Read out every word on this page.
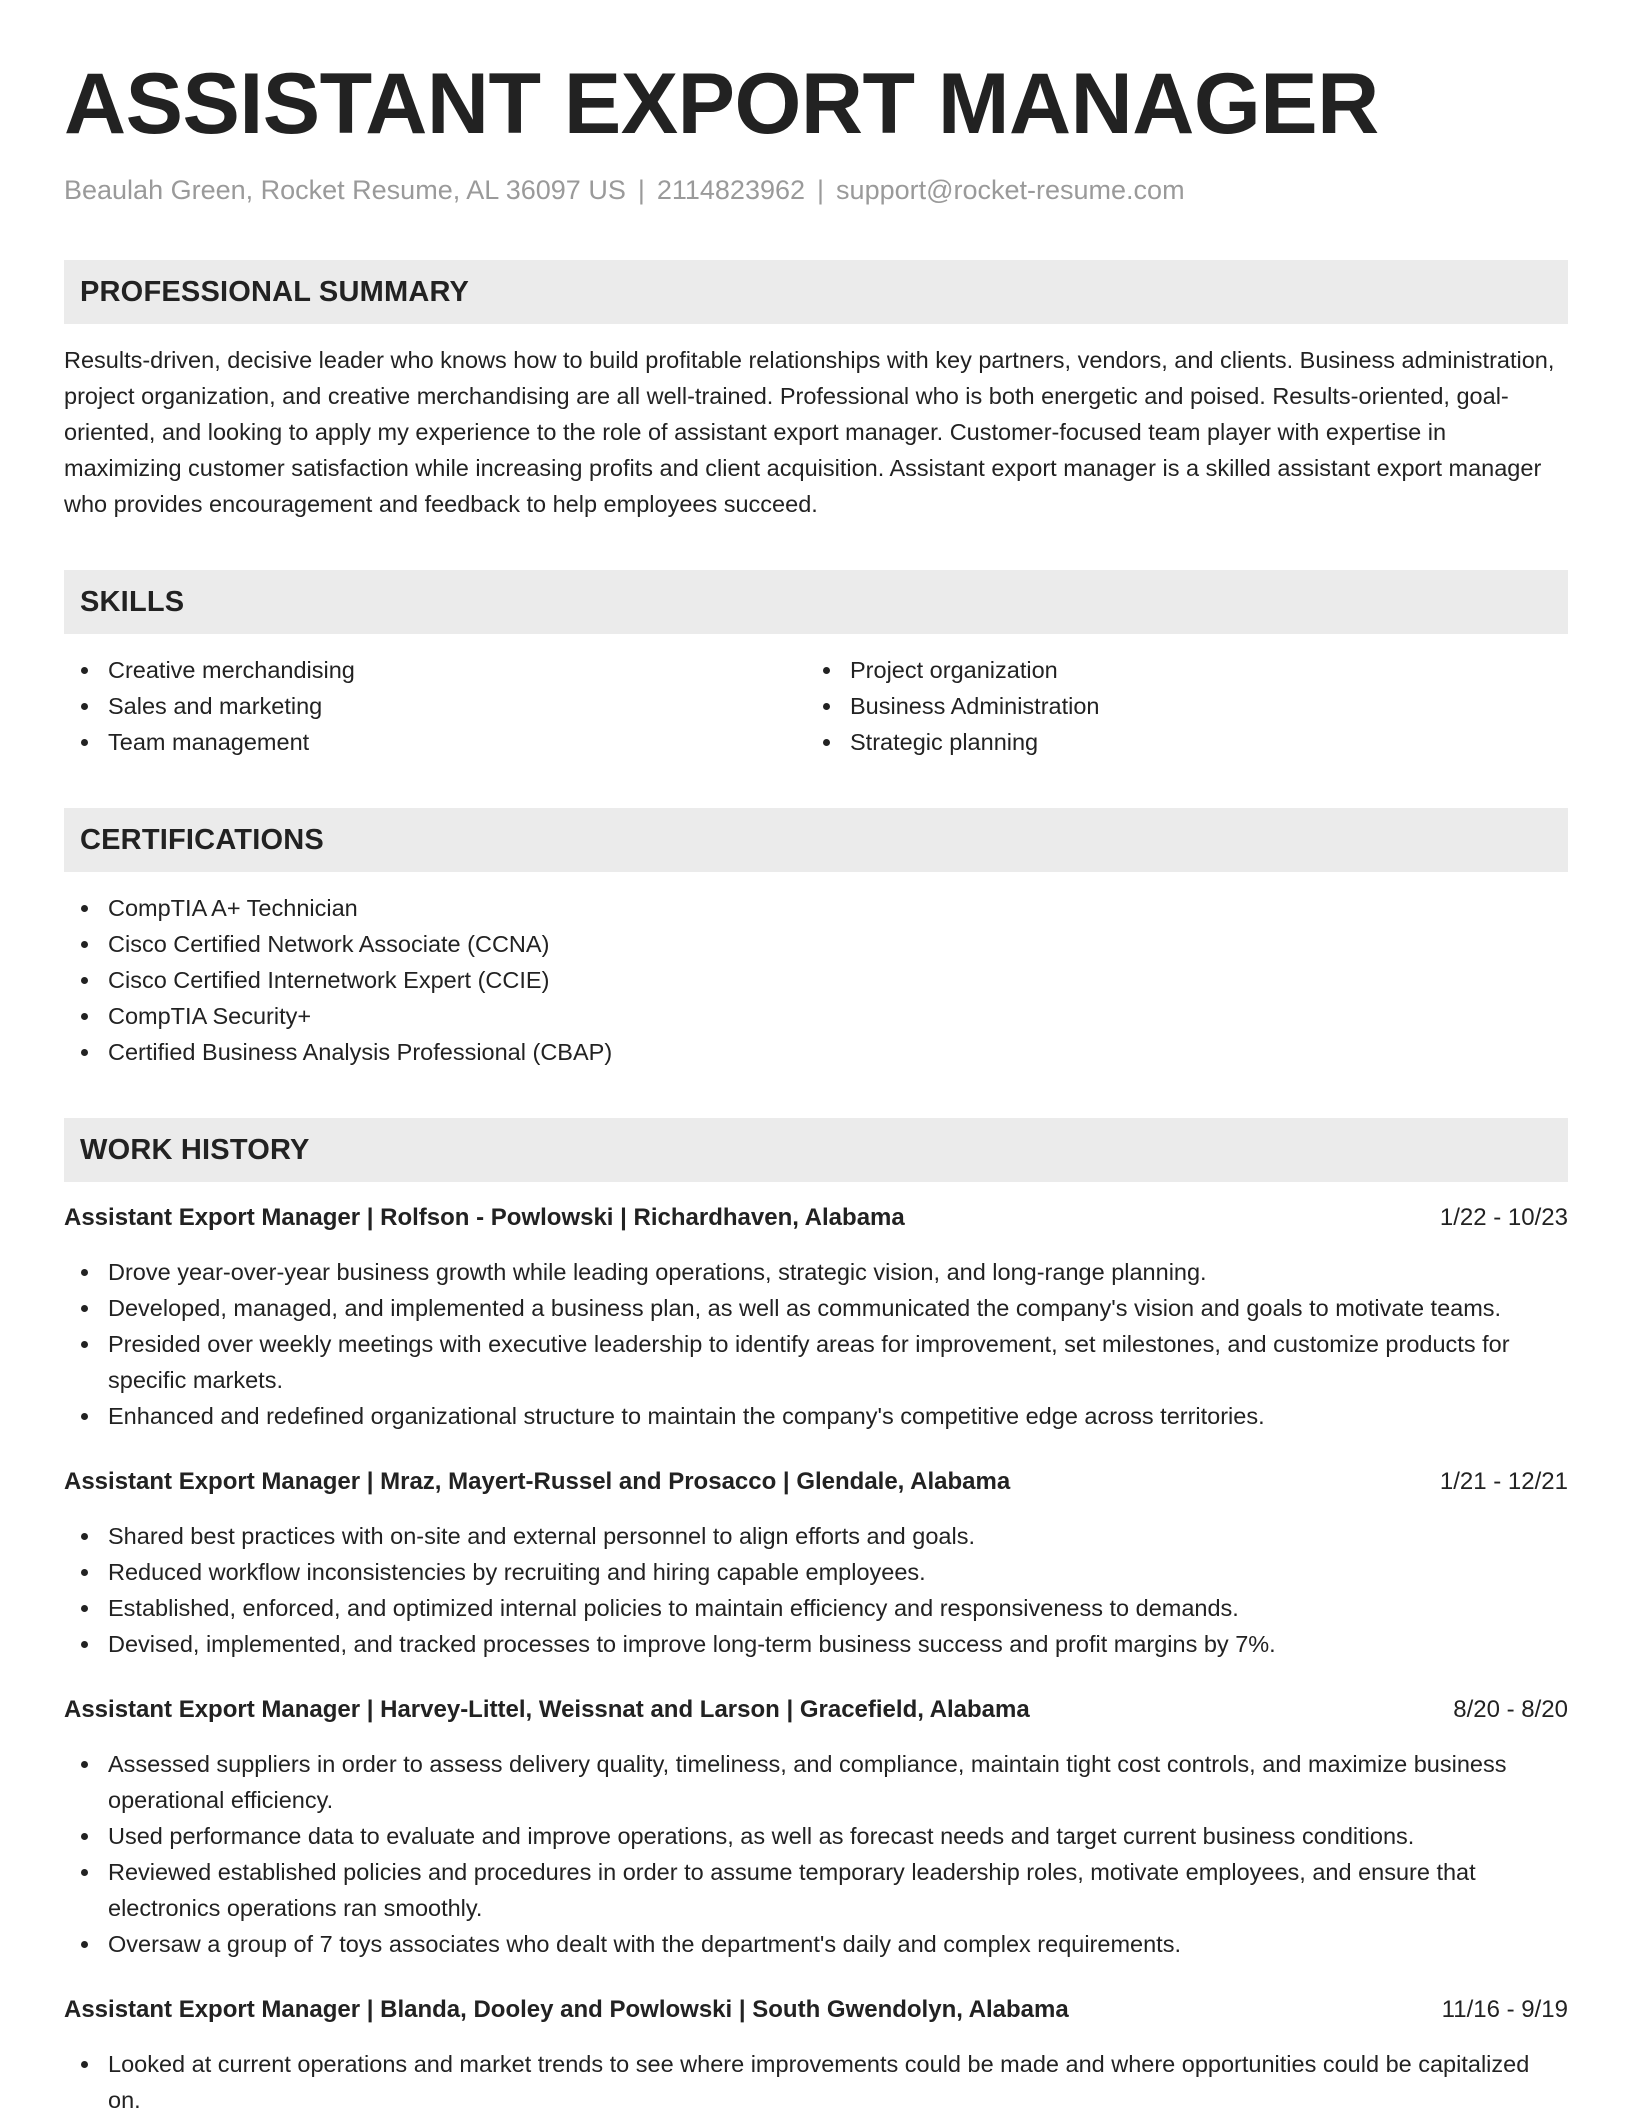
ASSISTANT EXPORT MANAGER
Beaulah Green, Rocket Resume, AL 36097 US | 2114823962 | support@rocket-resume.com
PROFESSIONAL SUMMARY
Results-driven, decisive leader who knows how to build profitable relationships with key partners, vendors, and clients. Business administration, project organization, and creative merchandising are all well-trained. Professional who is both energetic and poised. Results-oriented, goal-oriented, and looking to apply my experience to the role of assistant export manager. Customer-focused team player with expertise in maximizing customer satisfaction while increasing profits and client acquisition. Assistant export manager is a skilled assistant export manager who provides encouragement and feedback to help employees succeed.
SKILLS
Creative merchandising
Sales and marketing
Team management
Project organization
Business Administration
Strategic planning
CERTIFICATIONS
CompTIA A+ Technician
Cisco Certified Network Associate (CCNA)
Cisco Certified Internetwork Expert (CCIE)
CompTIA Security+
Certified Business Analysis Professional (CBAP)
WORK HISTORY
Assistant Export Manager | Rolfson - Powlowski | Richardhaven, Alabama	1/22 - 10/23
Drove year-over-year business growth while leading operations, strategic vision, and long-range planning.
Developed, managed, and implemented a business plan, as well as communicated the company's vision and goals to motivate teams.
Presided over weekly meetings with executive leadership to identify areas for improvement, set milestones, and customize products for specific markets.
Enhanced and redefined organizational structure to maintain the company's competitive edge across territories.
Assistant Export Manager | Mraz, Mayert-Russel and Prosacco | Glendale, Alabama	1/21 - 12/21
Shared best practices with on-site and external personnel to align efforts and goals.
Reduced workflow inconsistencies by recruiting and hiring capable employees.
Established, enforced, and optimized internal policies to maintain efficiency and responsiveness to demands.
Devised, implemented, and tracked processes to improve long-term business success and profit margins by 7%.
Assistant Export Manager | Harvey-Littel, Weissnat and Larson | Gracefield, Alabama	8/20 - 8/20
Assessed suppliers in order to assess delivery quality, timeliness, and compliance, maintain tight cost controls, and maximize business operational efficiency.
Used performance data to evaluate and improve operations, as well as forecast needs and target current business conditions.
Reviewed established policies and procedures in order to assume temporary leadership roles, motivate employees, and ensure that electronics operations ran smoothly.
Oversaw a group of 7 toys associates who dealt with the department's daily and complex requirements.
Assistant Export Manager | Blanda, Dooley and Powlowski | South Gwendolyn, Alabama	11/16 - 9/19
Looked at current operations and market trends to see where improvements could be made and where opportunities could be capitalized on.
